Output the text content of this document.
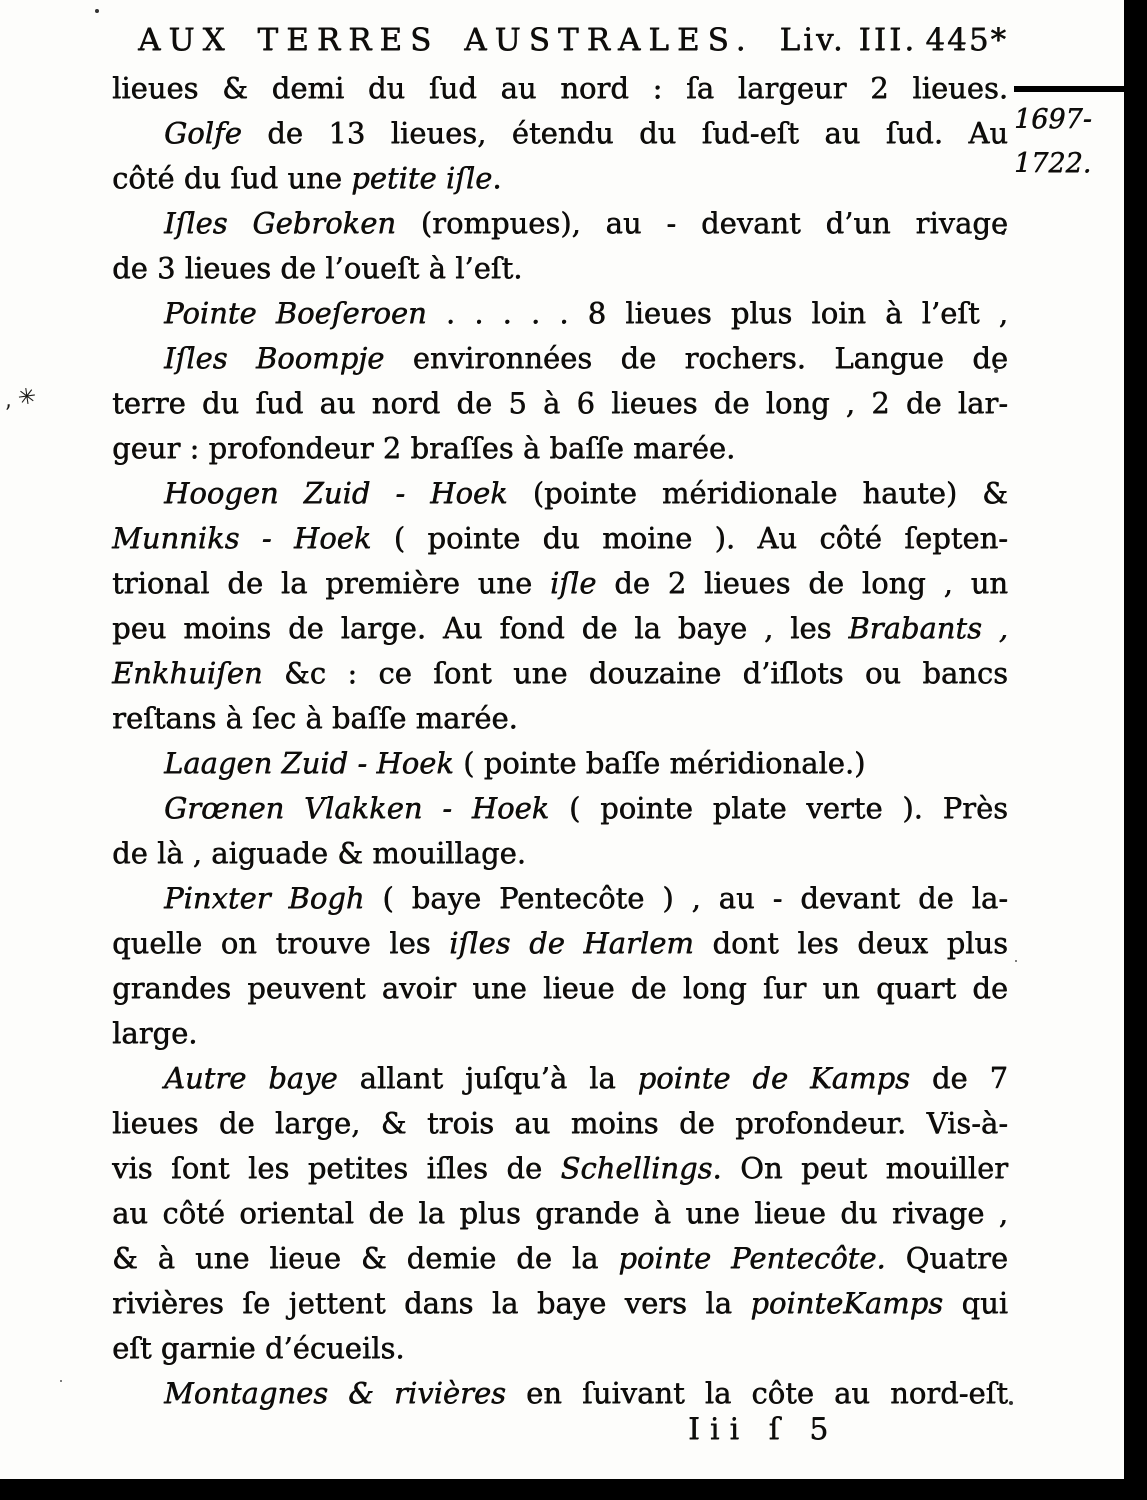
AUX TERRES AUSTRALES. Liv. III. 445*
1697-
1722.
‚ ✳
lieues & demi du ſud au nord : ſa largeur 2 lieues.
Golfe de 13 lieues, étendu du ſud-eſt au ſud. Au
côté du ſud une petite iſle.
Iſles Gebroken (rompues), au - devant d’un rivage
de 3 lieues de l’oueſt à l’eſt.
Pointe Boeſeroen . . . . . 8 lieues plus loin à l’eſt ,
Iſles Boompje environnées de rochers. Langue de
terre du ſud au nord de 5 à 6 lieues de long , 2 de lar-
geur : profondeur 2 braſſes à baſſe marée.
Hoogen Zuid - Hoek (pointe méridionale haute) &
Munniks - Hoek ( pointe du moine ). Au côté ſepten-
trional de la première une iſle de 2 lieues de long , un
peu moins de large. Au fond de la baye , les Brabants ,
Enkhuiſen &c : ce ſont une douzaine d’iſlots ou bancs
reſtans à ſec à baſſe marée.
Laagen Zuid - Hoek ( pointe baſſe méridionale.)
Grœnen Vlakken - Hoek ( pointe plate verte ). Près
de là , aiguade & mouillage.
Pinxter Bogh ( baye Pentecôte ) , au - devant de la-
quelle on trouve les iſles de Harlem dont les deux plus
grandes peuvent avoir une lieue de long ſur un quart de
large.
Autre baye allant juſqu’à la pointe de Kamps de 7
lieues de large, & trois au moins de profondeur. Vis-à-
vis ſont les petites iſles de Schellings. On peut mouiller
au côté oriental de la plus grande à une lieue du rivage ,
& à une lieue & demie de la pointe Pentecôte. Quatre
rivières ſe jettent dans la baye vers la pointeKamps qui
eſt garnie d’écueils.
Montagnes & rivières en ſuivant la côte au nord-eſt
Iii ſ 5
